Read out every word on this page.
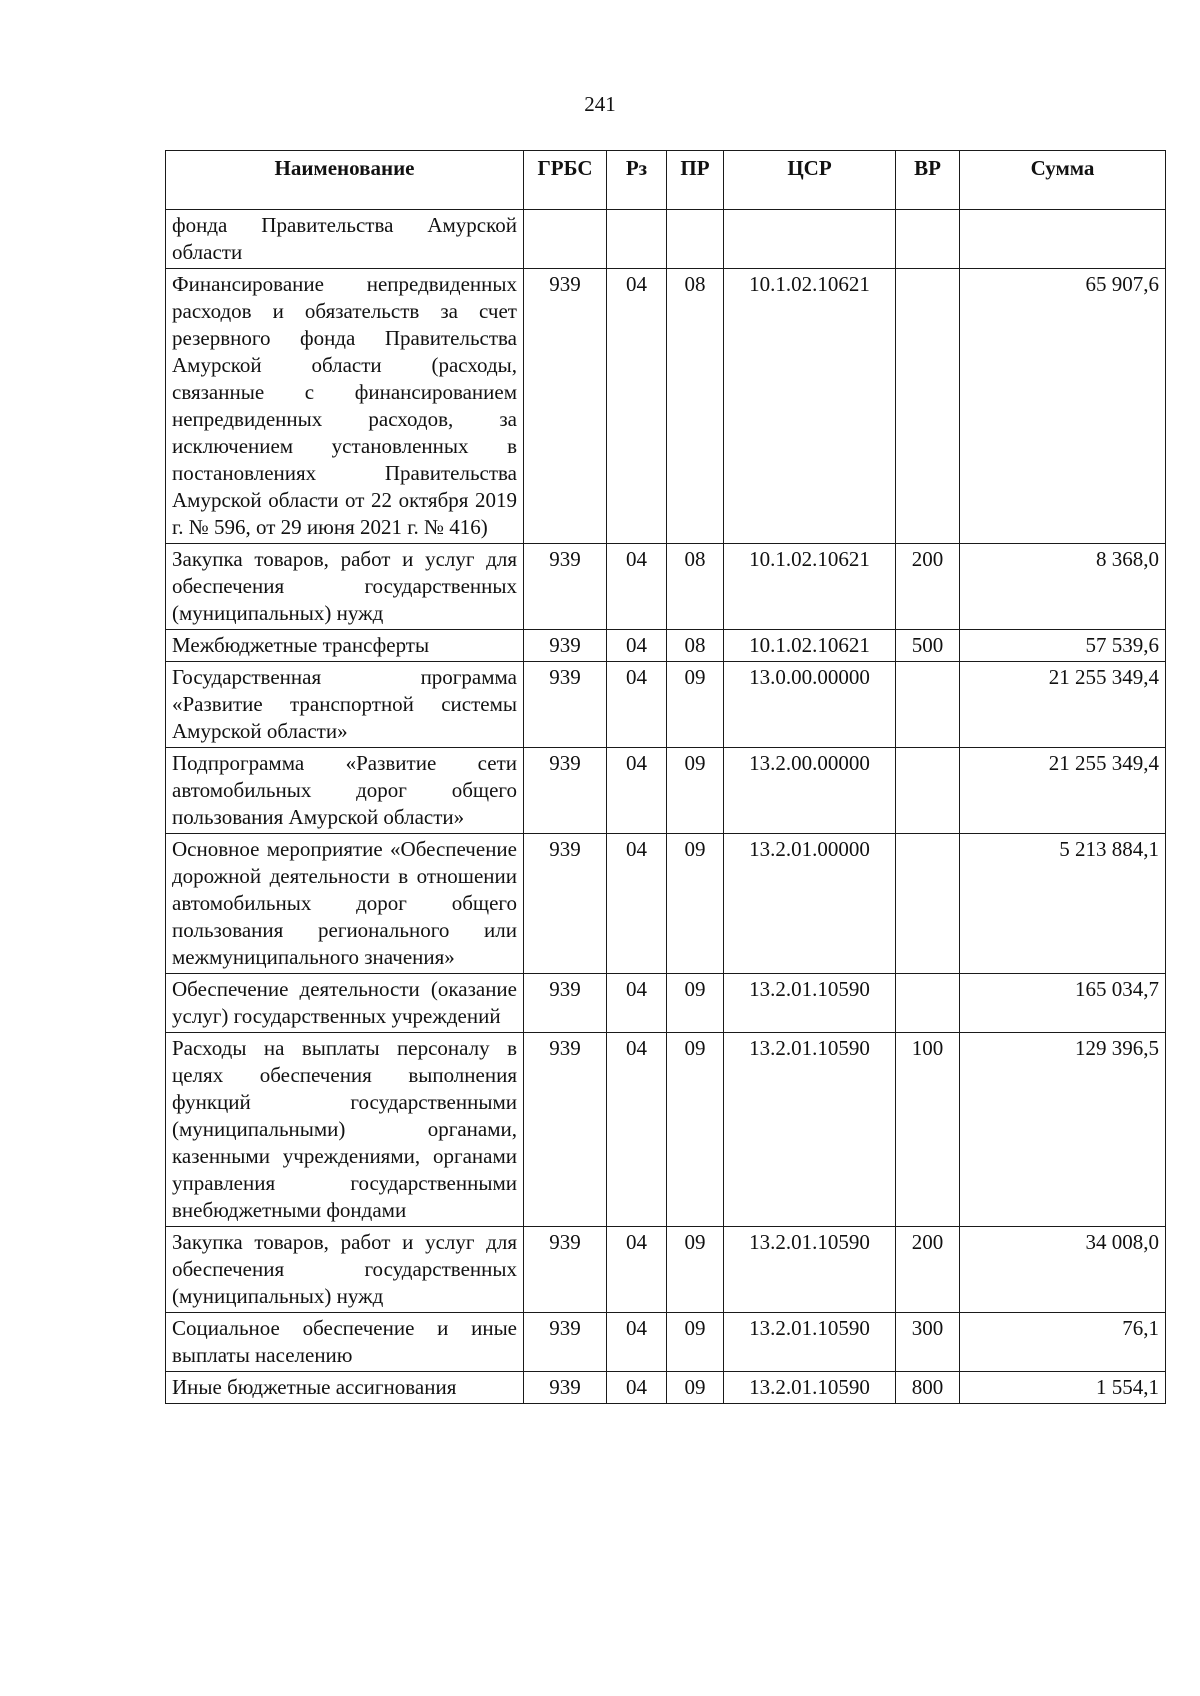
241
Наименование	ГРБС	Рз	ПР	ЦСР	ВР	Сумма
фонда Правительства Амурской области						
Финансирование непредвиденных расходов и обязательств за счет резервного фонда Правительства Амурской области (расходы, связанные с финансированием непредвиденных расходов, за исключением установленных в постановлениях Правительства Амурской области от 22 октября 2019 г. № 596, от 29 июня 2021 г. № 416)	939	04	08	10.1.02.10621		65 907,6
Закупка товаров, работ и услуг для обеспечения государственных (муниципальных) нужд	939	04	08	10.1.02.10621	200	8 368,0
Межбюджетные трансферты	939	04	08	10.1.02.10621	500	57 539,6
Государственная программа «Развитие транспортной системы Амурской области»	939	04	09	13.0.00.00000		21 255 349,4
Подпрограмма «Развитие сети автомобильных дорог общего пользования Амурской области»	939	04	09	13.2.00.00000		21 255 349,4
Основное мероприятие «Обеспечение дорожной деятельности в отношении автомобильных дорог общего пользования регионального или межмуниципального значения»	939	04	09	13.2.01.00000		5 213 884,1
Обеспечение деятельности (оказание услуг) государственных учреждений	939	04	09	13.2.01.10590		165 034,7
Расходы на выплаты персоналу в целях обеспечения выполнения функций государственными (муниципальными) органами, казенными учреждениями, органами управления государственными внебюджетными фондами	939	04	09	13.2.01.10590	100	129 396,5
Закупка товаров, работ и услуг для обеспечения государственных (муниципальных) нужд	939	04	09	13.2.01.10590	200	34 008,0
Социальное обеспечение и иные выплаты населению	939	04	09	13.2.01.10590	300	76,1
Иные бюджетные ассигнования	939	04	09	13.2.01.10590	800	1 554,1
